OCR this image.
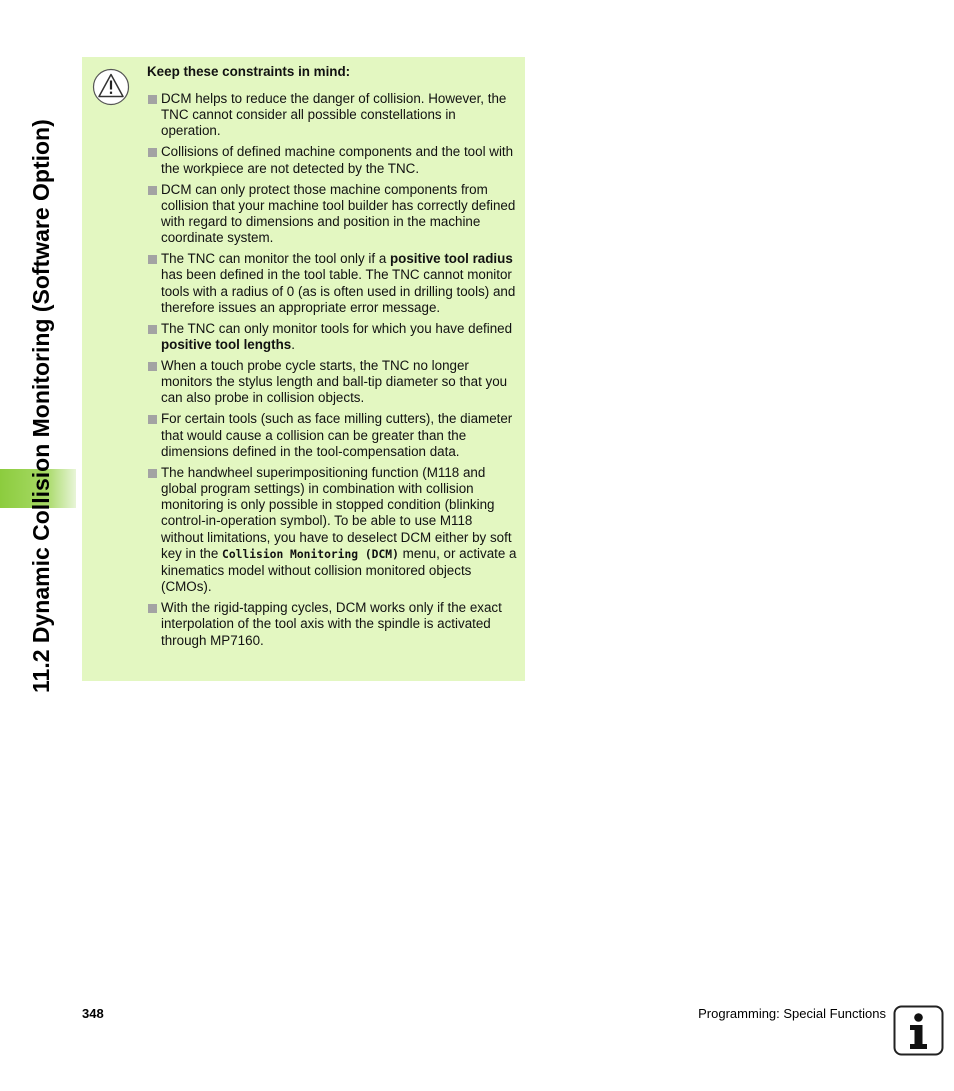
11.2 Dynamic Collision Monitoring (Software Option)
Keep these constraints in mind:
DCM helps to reduce the danger of collision. However, the TNC cannot consider all possible constellations in operation.
Collisions of defined machine components and the tool with the workpiece are not detected by the TNC.
DCM can only protect those machine components from collision that your machine tool builder has correctly defined with regard to dimensions and position in the machine coordinate system.
The TNC can monitor the tool only if a positive tool radius has been defined in the tool table. The TNC cannot monitor tools with a radius of 0 (as is often used in drilling tools) and therefore issues an appropriate error message.
The TNC can only monitor tools for which you have defined positive tool lengths.
When a touch probe cycle starts, the TNC no longer monitors the stylus length and ball-tip diameter so that you can also probe in collision objects.
For certain tools (such as face milling cutters), the diameter that would cause a collision can be greater than the dimensions defined in the tool-compensation data.
The handwheel superimpositioning function (M118 and global program settings) in combination with collision monitoring is only possible in stopped condition (blinking control-in-operation symbol). To be able to use M118 without limitations, you have to deselect DCM either by soft key in the Collision Monitoring (DCM) menu, or activate a kinematics model without collision monitored objects (CMOs).
With the rigid-tapping cycles, DCM works only if the exact interpolation of the tool axis with the spindle is activated through MP7160.
348	Programming: Special Functions
